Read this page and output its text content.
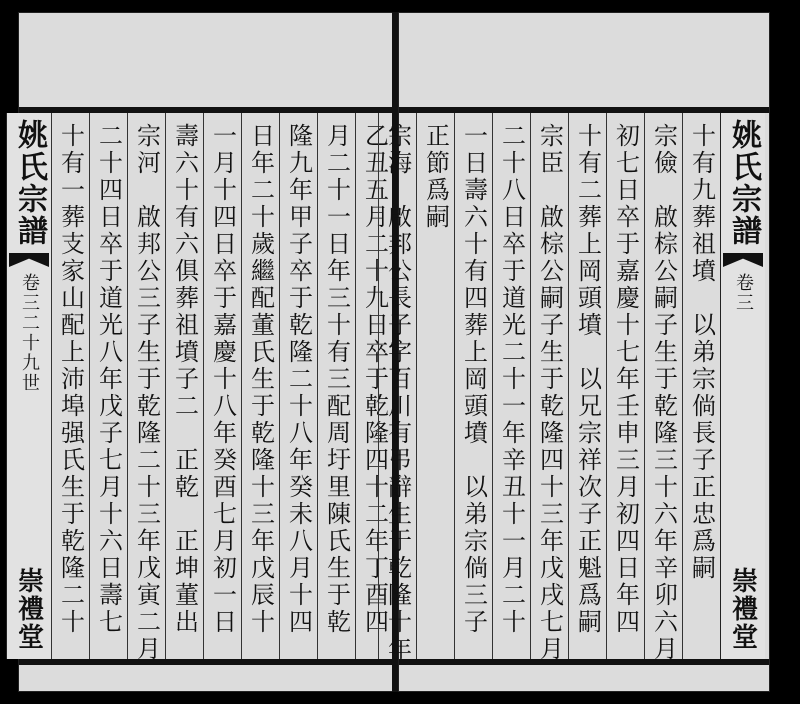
乙丑五月二十九日卒于乾隆四十二年丁酉四
月二十一日年三十有三配周圩里陳氏生于乾
隆九年甲子卒于乾隆二十八年癸未八月十四
日年二十歲繼配董氏生于乾隆十三年戊辰十
一月十四日卒于嘉慶十八年癸酉七月初一日
壽六十有六俱葬祖墳子二　正乾　正坤董出
宗河　啟邦公三子生于乾隆二十三年戊寅二月
二十四日卒于道光八年戊子七月十六日壽七
十有一葬支家山配上沛埠强氏生于乾隆二十
姚氏宗譜
卷三二十九世
崇禮堂
姚氏宗譜
卷三
崇禮堂
十有九葬祖墳　以弟宗倘長子正忠爲嗣
宗儉　啟棕公嗣子生于乾隆三十六年辛卯六月
初七日卒于嘉慶十七年壬申三月初四日年四
十有二葬上岡頭墳　以兄宗祥次子正魁爲嗣
宗臣　啟棕公嗣子生于乾隆四十三年戊戌七月
二十八日卒于道光二十一年辛丑十一月二十
一日壽六十有四葬上岡頭墳　以弟宗倘三子
正節爲嗣
宗海　啟邦公長子字百川有弔辭生于乾隆十年
